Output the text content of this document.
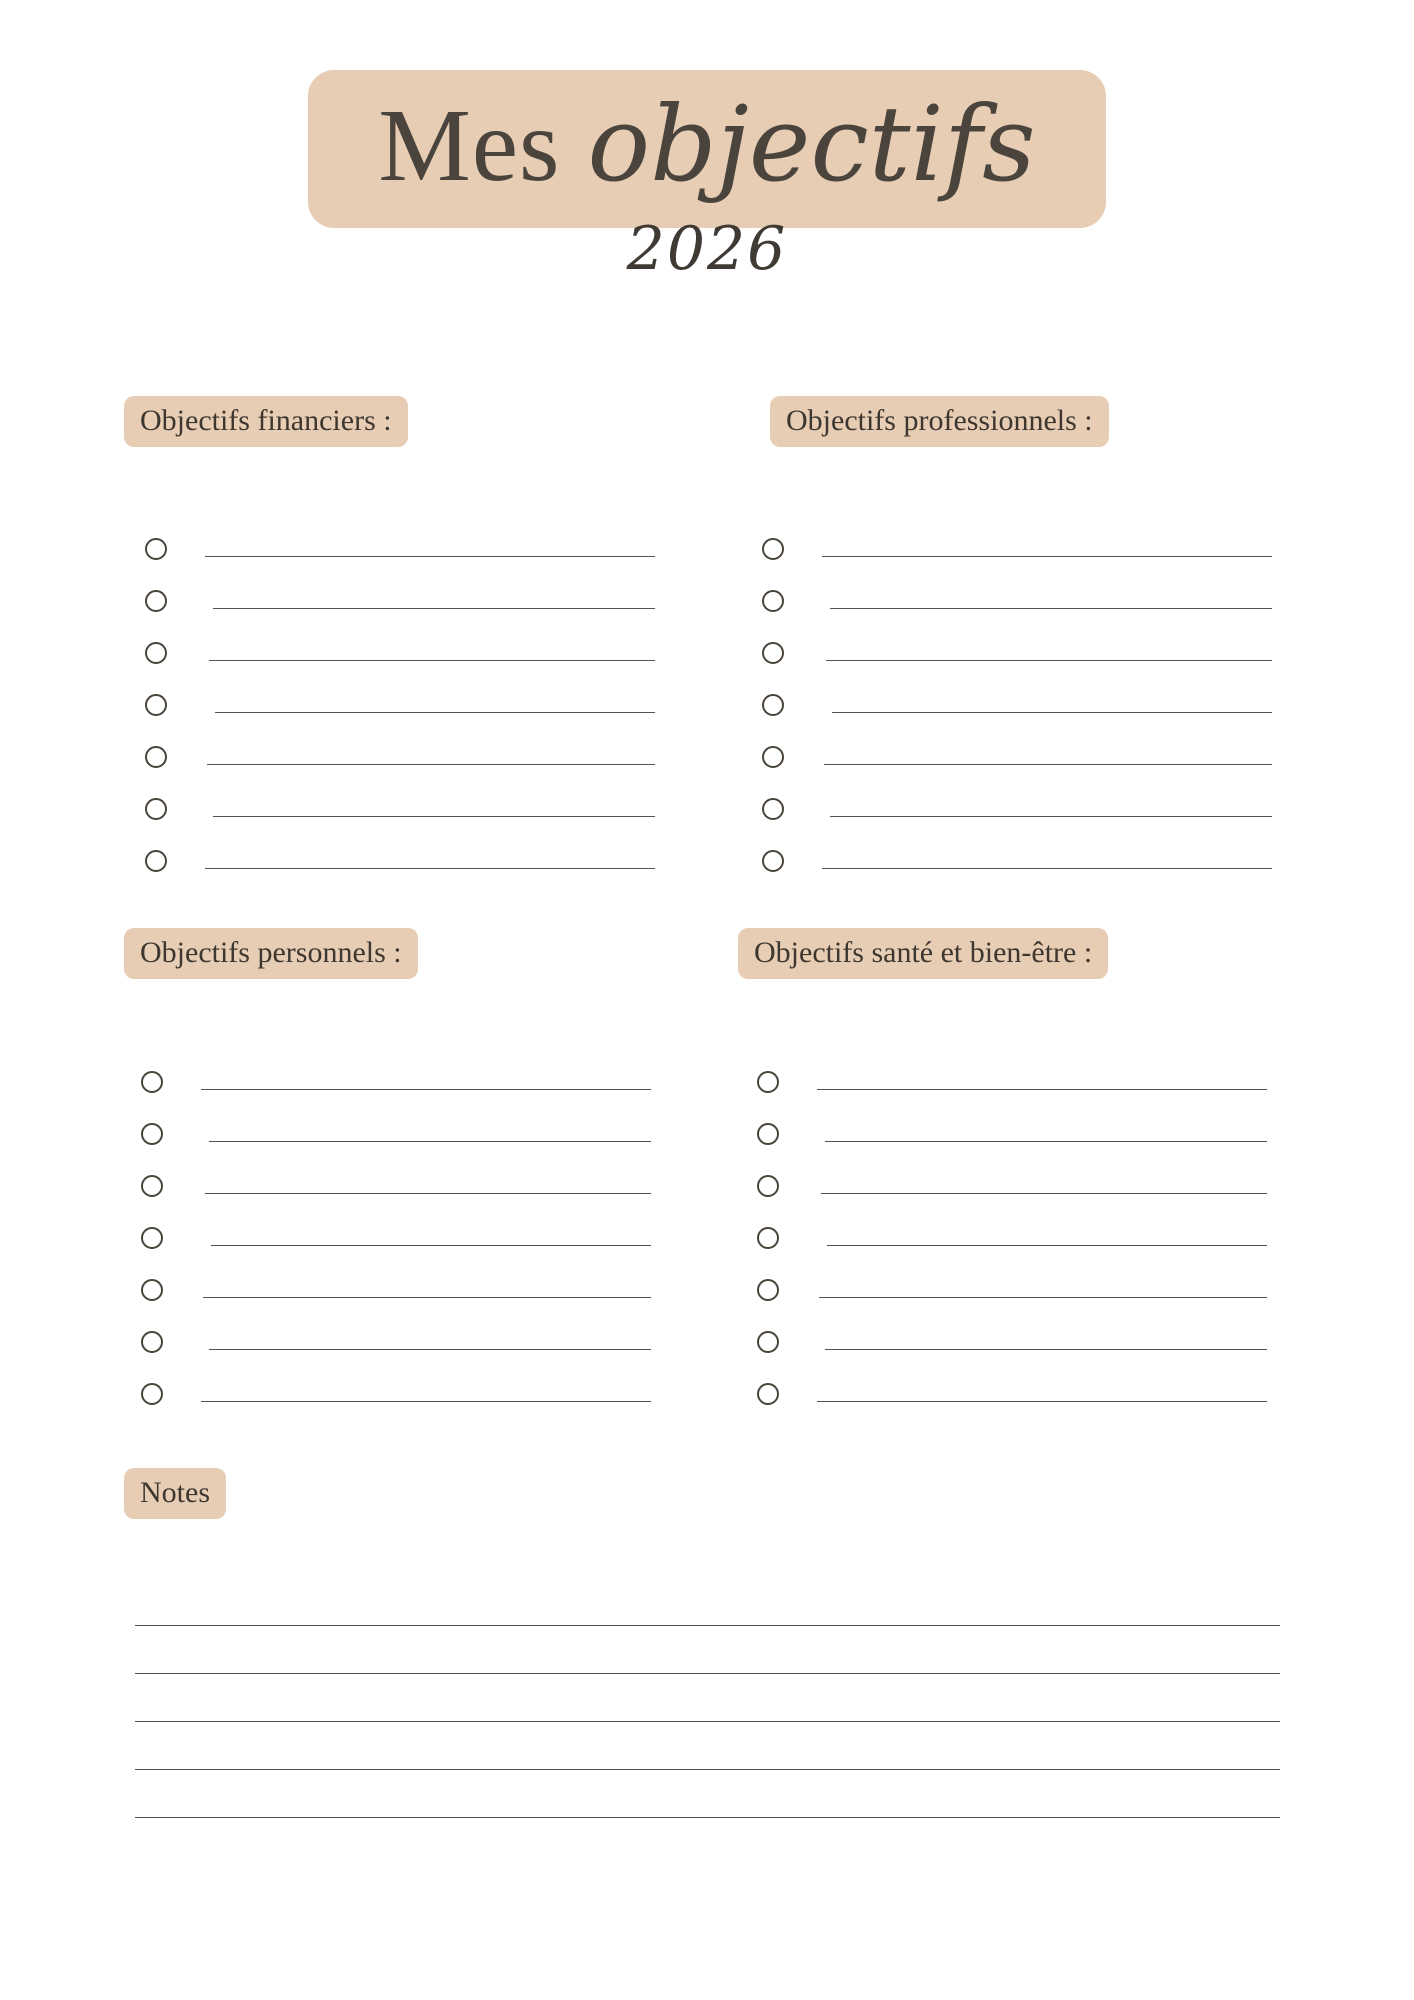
Mes objectifs
2026
Objectifs financiers :	Objectifs professionnels :
Objectifs personnels :	Objectifs santé et bien-être :
Notes
